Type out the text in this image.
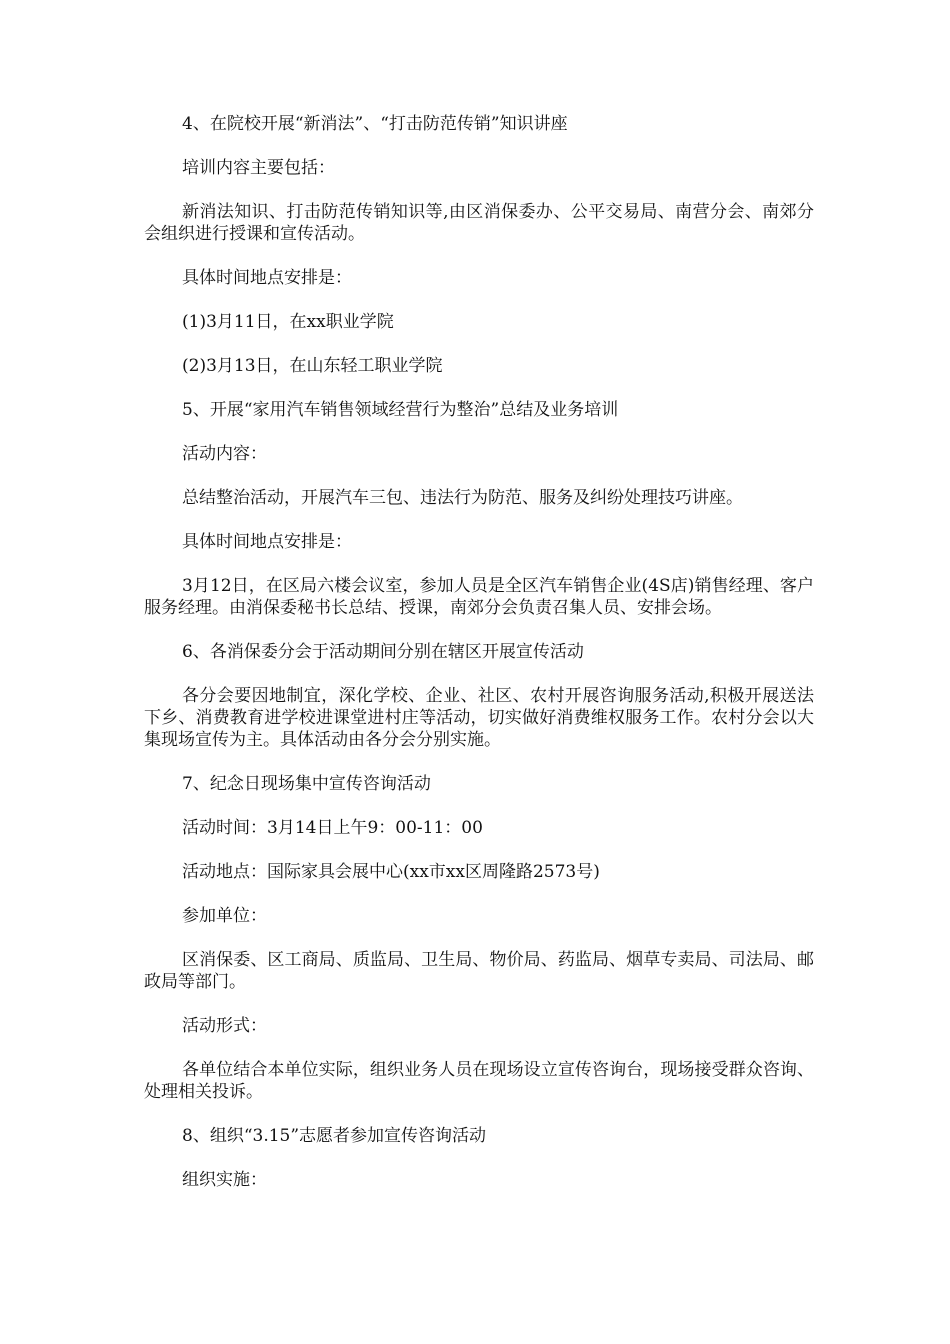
4、在院校开展“新消法”、“打击防范传销”知识讲座

培训内容主要包括：

新消法知识、打击防范传销知识等,由区消保委办、公平交易局、南营分会、南郊分会组织进行授课和宣传活动。

具体时间地点安排是：

(1)3月11日，在xx职业学院

(2)3月13日，在山东轻工职业学院

5、开展“家用汽车销售领域经营行为整治”总结及业务培训

活动内容：

总结整治活动，开展汽车三包、违法行为防范、服务及纠纷处理技巧讲座。

具体时间地点安排是：

3月12日，在区局六楼会议室，参加人员是全区汽车销售企业(4S店)销售经理、客户服务经理。由消保委秘书长总结、授课，南郊分会负责召集人员、安排会场。

6、各消保委分会于活动期间分别在辖区开展宣传活动

各分会要因地制宜，深化学校、企业、社区、农村开展咨询服务活动,积极开展送法下乡、消费教育进学校进课堂进村庄等活动，切实做好消费维权服务工作。农村分会以大集现场宣传为主。具体活动由各分会分别实施。

7、纪念日现场集中宣传咨询活动

活动时间：3月14日上午9：00-11：00

活动地点：国际家具会展中心(xx市xx区周隆路2573号)

参加单位：

区消保委、区工商局、质监局、卫生局、物价局、药监局、烟草专卖局、司法局、邮政局等部门。

活动形式：

各单位结合本单位实际，组织业务人员在现场设立宣传咨询台，现场接受群众咨询、处理相关投诉。

8、组织“3.15”志愿者参加宣传咨询活动

组织实施：
